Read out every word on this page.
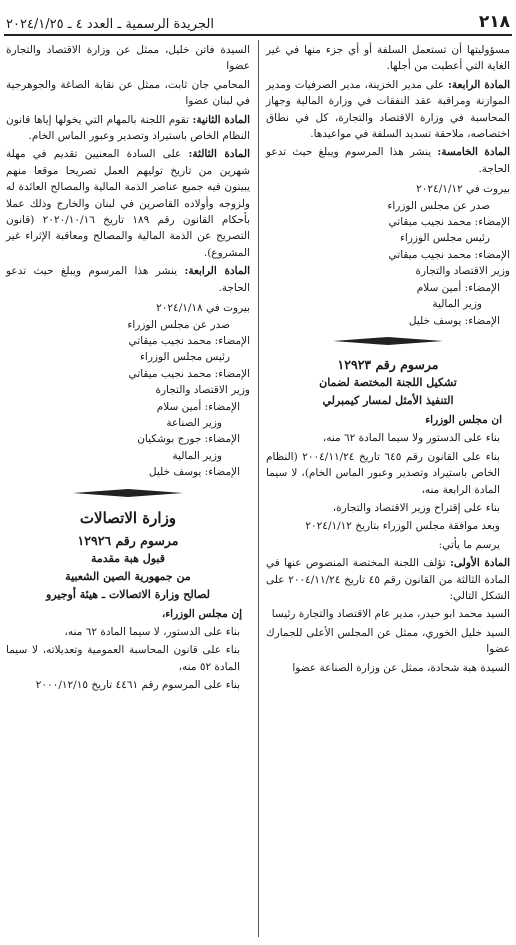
٢١٨
الجريدة الرسمية ـ العدد ٤ ـ ٢٠٢٤/١/٢٥

مسؤوليتها أن تستعمل السلفة أو أي جزء منها في غير الغاية التي أعطيت من أجلها.

المادة الرابعة: على مدير الخزينة، مدير الصرفيات ومدير الموازنة ومراقبة عقد النفقات في وزارة المالية وجهاز المحاسبة في وزارة الاقتصاد والتجارة، كل في نطاق اختصاصه، ملاحقة تسديد السلفة في مواعيدها.

المادة الخامسة: ينشر هذا المرسوم ويبلغ حيث تدعو الحاجة.

بيروت في ٢٠٢٤/١/١٢

صدر عن مجلس الوزراء

الإمضاء: محمد نجيب ميقاتي

رئيس مجلس الوزراء

الإمضاء: محمد نجيب ميقاتي

وزير الاقتصاد والتجارة

الإمضاء: أمين سلام

وزير المالية

الإمضاء: يوسف خليل

مرسوم رقم ١٢٩٢٣

تشكيل اللجنة المختصة لضمان

التنفيذ الأمثل لمسار كيمبرلي

ان مجلس الوزراء

بناء على الدستور ولا سيما المادة ٦٢ منه،

بناء على القانون رقم ٦٤٥ تاريخ ٢٠٠٤/١١/٢٤ (النظام الخاص باستيراد وتصدير وعبور الماس الخام)، لا سيما المادة الرابعة منه،

بناء على إقتراح وزير الاقتصاد والتجارة،

وبعد موافقة مجلس الوزراء بتاريخ ٢٠٢٤/١/١٢

يرسم ما يأتي:

المادة الأولى: تؤلف اللجنة المختصة المنصوص عنها في المادة الثالثة من القانون رقم ٤٥ تاريخ ٢٠٠٤/١١/٢٤ على الشكل التالي:

السيد محمد ابو حيدر، مدير عام الاقتصاد والتجارة رئيسا

السيد خليل الخوري، ممثل عن المجلس الأعلى للجمارك عضوا

السيدة هبة شحادة، ممثل عن وزارة الصناعة عضوا

السيدة فاتن خليل، ممثل عن وزارة الاقتصاد والتجارة عضوا

المحامي جان ثابت، ممثل عن نقابة الصاغة والجوهرجية في لبنان عضوا

المادة الثانية: تقوم اللجنة بالمهام التي يخولها إياها قانون النظام الخاص باستيراد وتصدير وعبور الماس الخام.

المادة الثالثة: على السادة المعنيين تقديم في مهلة شهرين من تاريخ توليهم العمل تصريحا موقعا منهم يبينون فيه جميع عناصر الذمة المالية والمصالح العائدة له ولزوجه وأولاده القاصرين في لبنان والخارج وذلك عملا بأحكام القانون رقم ١٨٩ تاريخ ٢٠٢٠/١٠/١٦ (قانون التصريح عن الذمة المالية والمصالح ومعاقبة الإثراء غير المشروع).

المادة الرابعة: ينشر هذا المرسوم ويبلغ حيث تدعو الحاجة.

بيروت في ٢٠٢٤/١/١٨

صدر عن مجلس الوزراء

الإمضاء: محمد نجيب ميقاتي

رئيس مجلس الوزراء

الإمضاء: محمد نجيب ميقاتي

وزير الاقتصاد والتجارة

الإمضاء: أمين سلام

وزير الصناعة

الإمضاء: جورج بوشكيان

وزير المالية

الإمضاء: يوسف خليل

وزارة الاتصالات

مرسوم رقم ١٢٩٢٦

قبول هبة مقدمة

من جمهورية الصين الشعبية

لصالح وزارة الاتصالات ـ هيئة أوجيرو

إن مجلس الوزراء،

بناء على الدستور، لا سيما المادة ٦٢ منه،

بناء على قانون المحاسبة العمومية وتعديلاته، لا سيما المادة ٥٢ منه،

بناء على المرسوم رقم ٤٤٦١ تاريخ ٢٠٠٠/١٢/١٥
